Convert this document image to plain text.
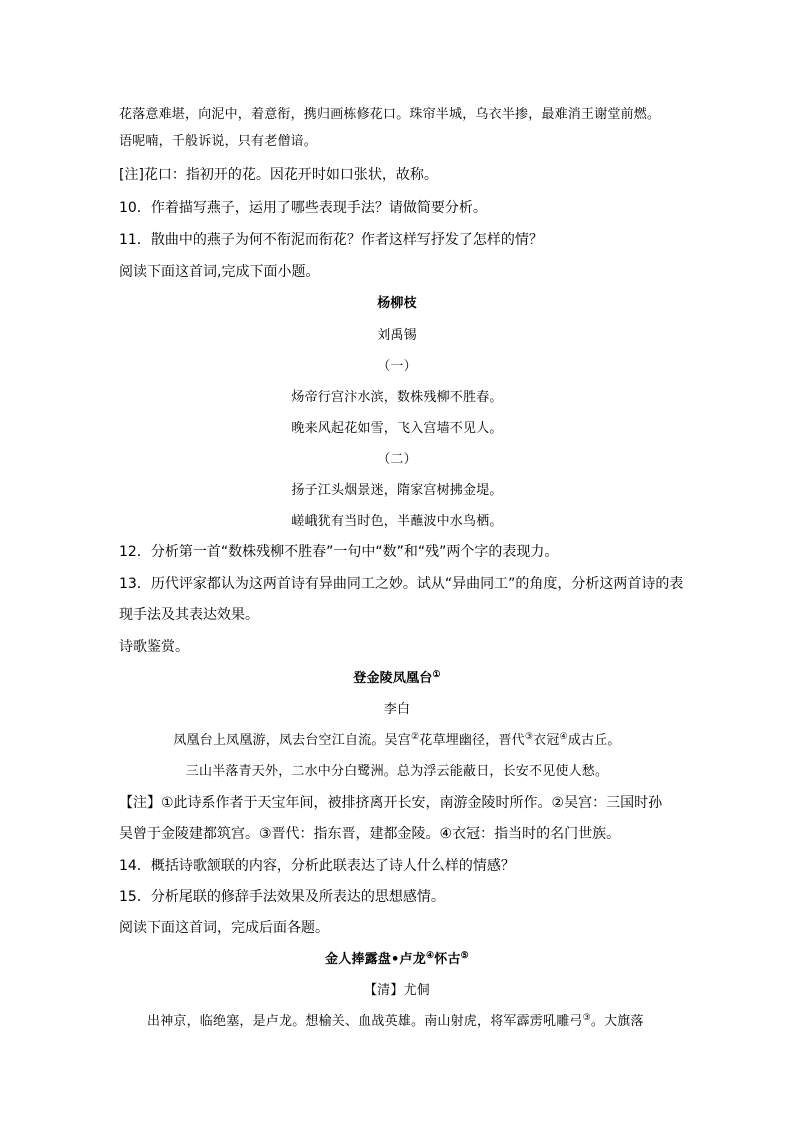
花落意难堪，向泥中，着意衔，携归画栋修花口。珠帘半城，乌衣半掺，最难消王谢堂前燃。

语呢喃，千般诉说，只有老僧谙。

[注]花口：指初开的花。因花开时如口张状，故称。

10．作着描写燕子，运用了哪些表现手法？请做简要分析。

11．散曲中的燕子为何不衔泥而衔花？作者这样写抒发了怎样的情？

阅读下面这首词,完成下面小题。

杨柳枝

刘禹锡

（一）

炀帝行宫汴水滨，数株残柳不胜春。

晚来风起花如雪，飞入宫墙不见人。

（二）

扬子江头烟景迷，隋家宫树拂金堤。

嵯峨犹有当时色，半蘸波中水鸟栖。

12．分析第一首“数株残柳不胜春”一句中“数”和“残”两个字的表现力。

13．历代评家都认为这两首诗有异曲同工之妙。试从“异曲同工”的角度，分析这两首诗的表

现手法及其表达效果。

诗歌鉴赏。

登金陵凤凰台①

李白

凤凰台上凤凰游，凤去台空江自流。吴宫②花草埋幽径，晋代③衣冠④成古丘。

三山半落青天外，二水中分白鹭洲。总为浮云能蔽日，长安不见使人愁。

【注】①此诗系作者于天宝年间，被排挤离开长安，南游金陵时所作。②吴宫：三国时孙

吴曾于金陵建都筑宫。③晋代：指东晋，建都金陵。④衣冠：指当时的名门世族。

14．概括诗歌颔联的内容，分析此联表达了诗人什么样的情感？

15．分析尾联的修辞手法效果及所表达的思想感情。

阅读下面这首词，完成后面各题。

金人捧露盘•卢龙④怀古⑤

【清】尤侗

出神京，临绝塞，是卢龙。想榆关、血战英雄。南山射虎，将军霹雳吼雕弓③。大旗落
